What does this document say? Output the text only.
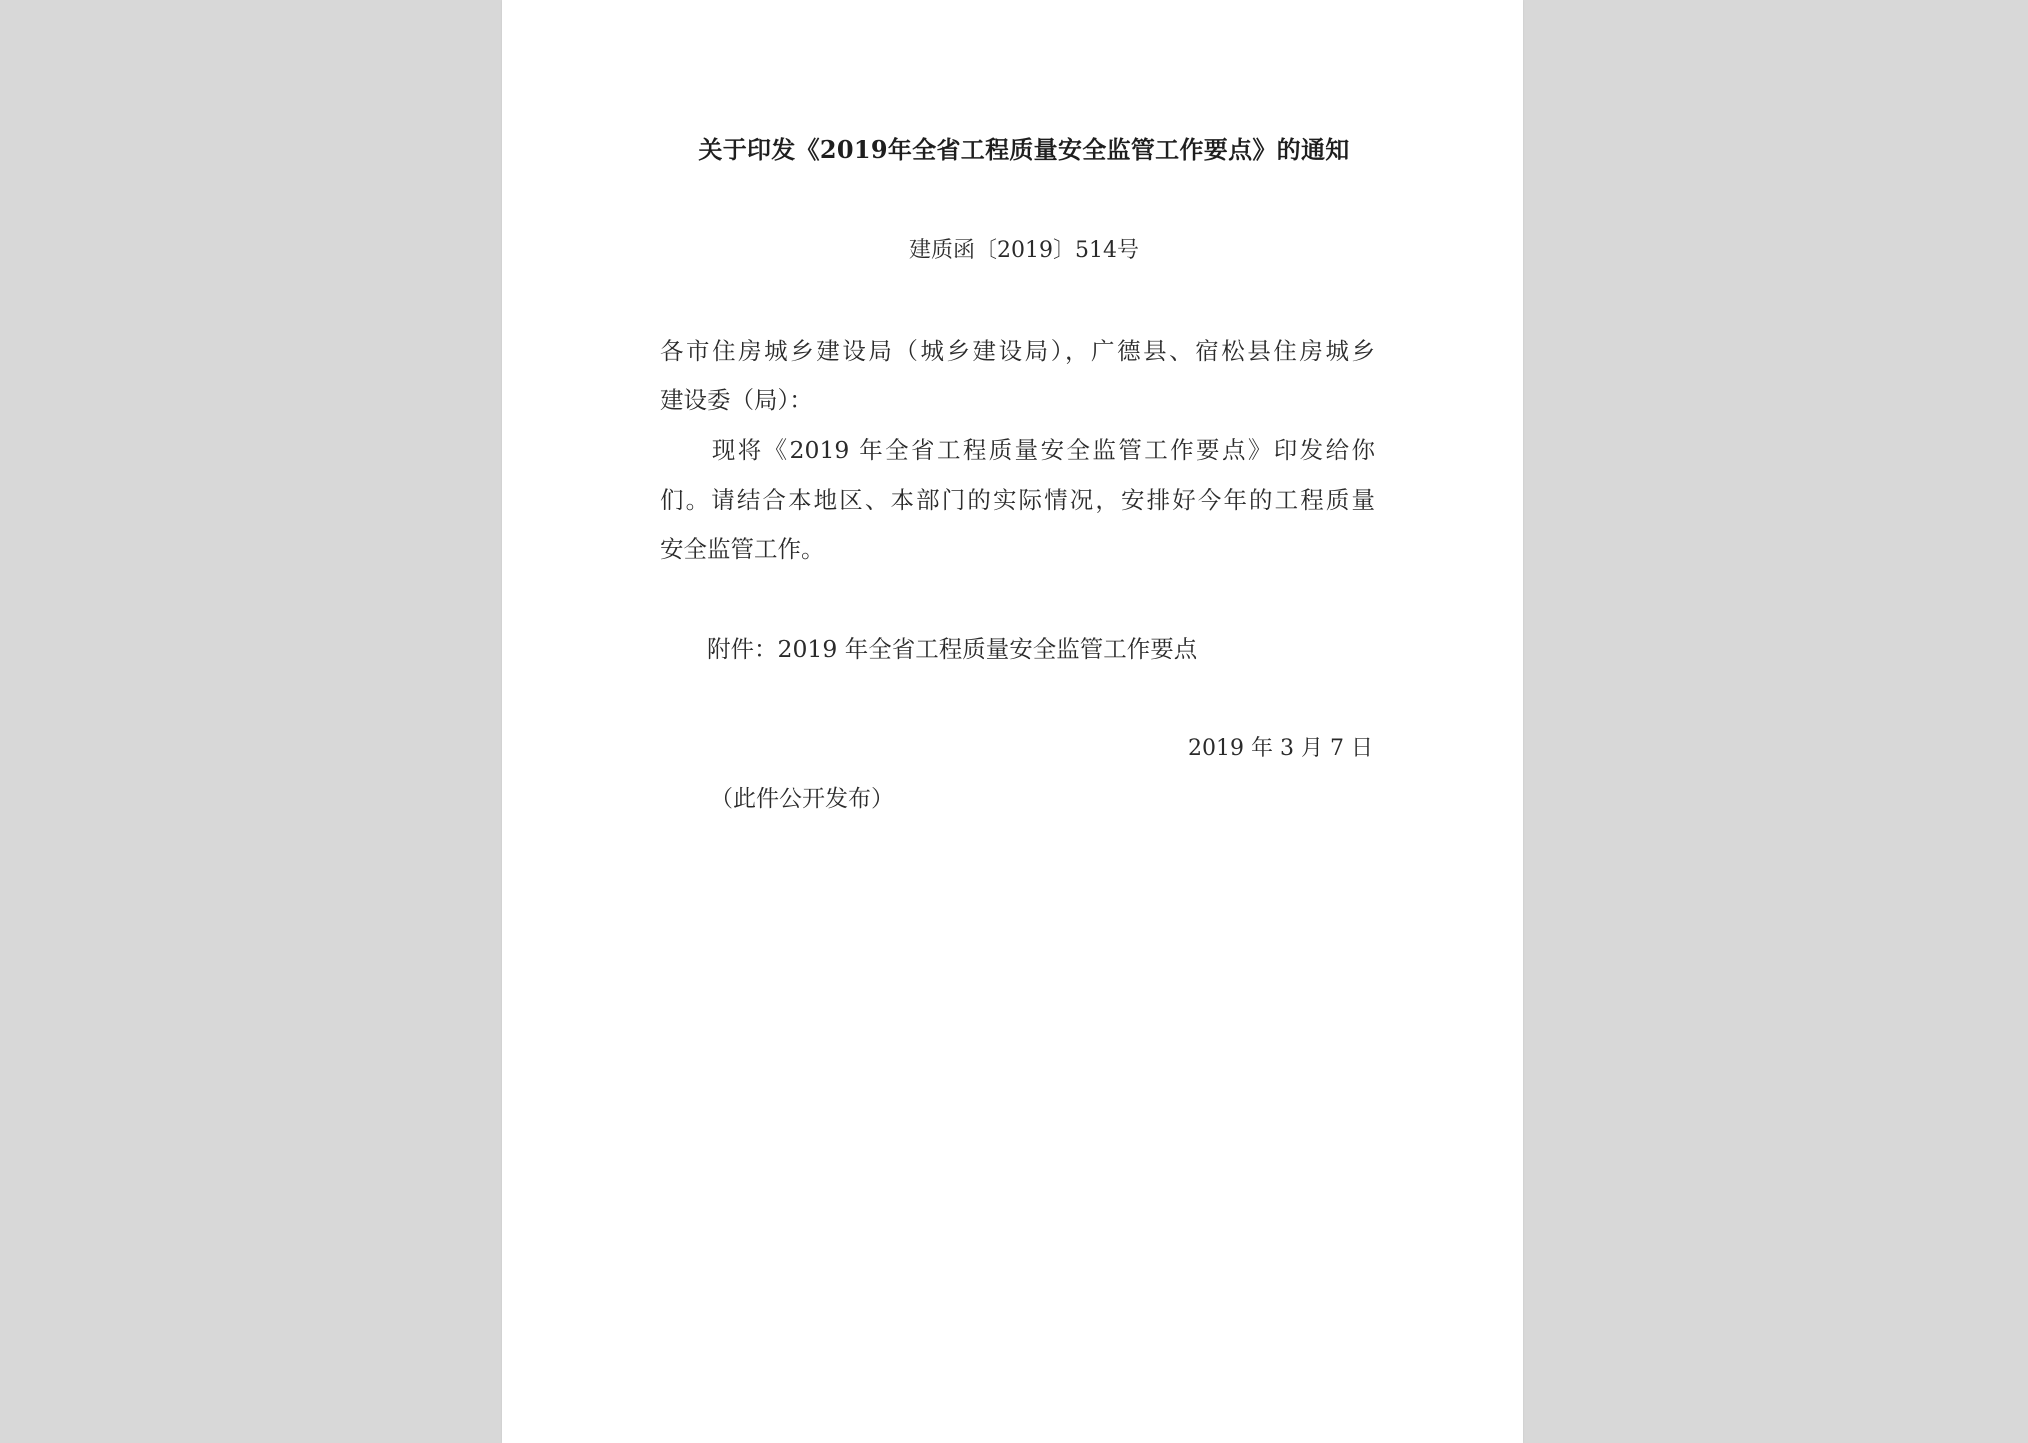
关于印发《2019年全省工程质量安全监管工作要点》的通知
建质函〔2019〕514号
各市住房城乡建设局（城乡建设局），广德县、宿松县住房城乡
建设委（局）：
　　现将《2019 年全省工程质量安全监管工作要点》印发给你
们。请结合本地区、本部门的实际情况，安排好今年的工程质量
安全监管工作。
　　附件：2019 年全省工程质量安全监管工作要点
2019 年 3 月 7 日
（此件公开发布）
